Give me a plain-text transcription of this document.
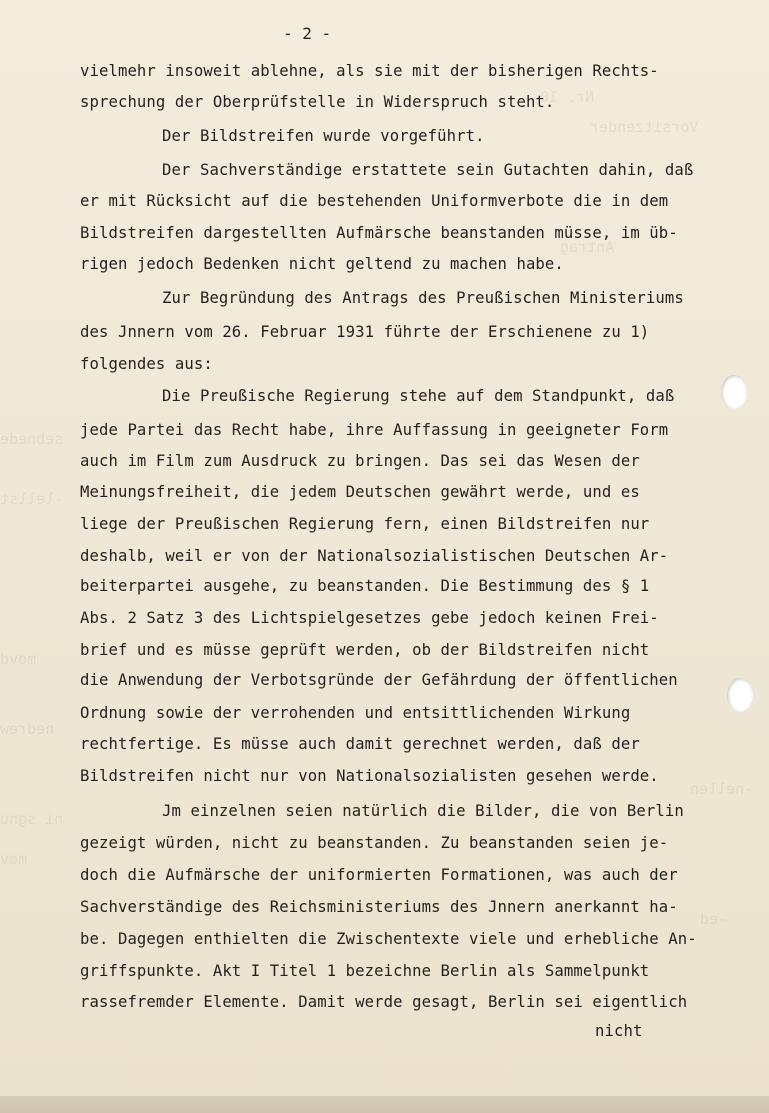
Nr. 10
Vorsitzender
Antrag
sebnede
-lellst
movd
nedrew
-nellen
ni sgnu
mov
-ed
- 2 -
vielmehr insoweit ablehne, als sie mit der bisherigen Rechts-
sprechung der Oberprüfstelle in Widerspruch steht.
Der Bildstreifen wurde vorgeführt.
Der Sachverständige erstattete sein Gutachten dahin, daß
er mit Rücksicht auf die bestehenden Uniformverbote die in dem
Bildstreifen dargestellten Aufmärsche beanstanden müsse, im üb-
rigen jedoch Bedenken nicht geltend zu machen habe.
Zur Begründung des Antrags des Preußischen Ministeriums
des Jnnern vom 26. Februar 1931 führte der Erschienene zu 1)
folgendes aus:
Die Preußische Regierung stehe auf dem Standpunkt, daß
jede Partei das Recht habe, ihre Auffassung in geeigneter Form
auch im Film zum Ausdruck zu bringen. Das sei das Wesen der
Meinungsfreiheit, die jedem Deutschen gewährt werde, und es
liege der Preußischen Regierung fern, einen Bildstreifen nur
deshalb, weil er von der Nationalsozialistischen Deutschen Ar-
beiterpartei ausgehe, zu beanstanden. Die Bestimmung des § 1
Abs. 2 Satz 3 des Lichtspielgesetzes gebe jedoch keinen Frei-
brief und es müsse geprüft werden, ob der Bildstreifen nicht
die Anwendung der Verbotsgründe der Gefährdung der öffentlichen
Ordnung sowie der verrohenden und entsittlichenden Wirkung
rechtfertige. Es müsse auch damit gerechnet werden, daß der
Bildstreifen nicht nur von Nationalsozialisten gesehen werde.
Jm einzelnen seien natürlich die Bilder, die von Berlin
gezeigt würden, nicht zu beanstanden. Zu beanstanden seien je-
doch die Aufmärsche der uniformierten Formationen, was auch der
Sachverständige des Reichsministeriums des Jnnern anerkannt ha-
be. Dagegen enthielten die Zwischentexte viele und erhebliche An-
griffspunkte. Akt I Titel 1 bezeichne Berlin als Sammelpunkt
rassefremder Elemente. Damit werde gesagt, Berlin sei eigentlich
nicht
